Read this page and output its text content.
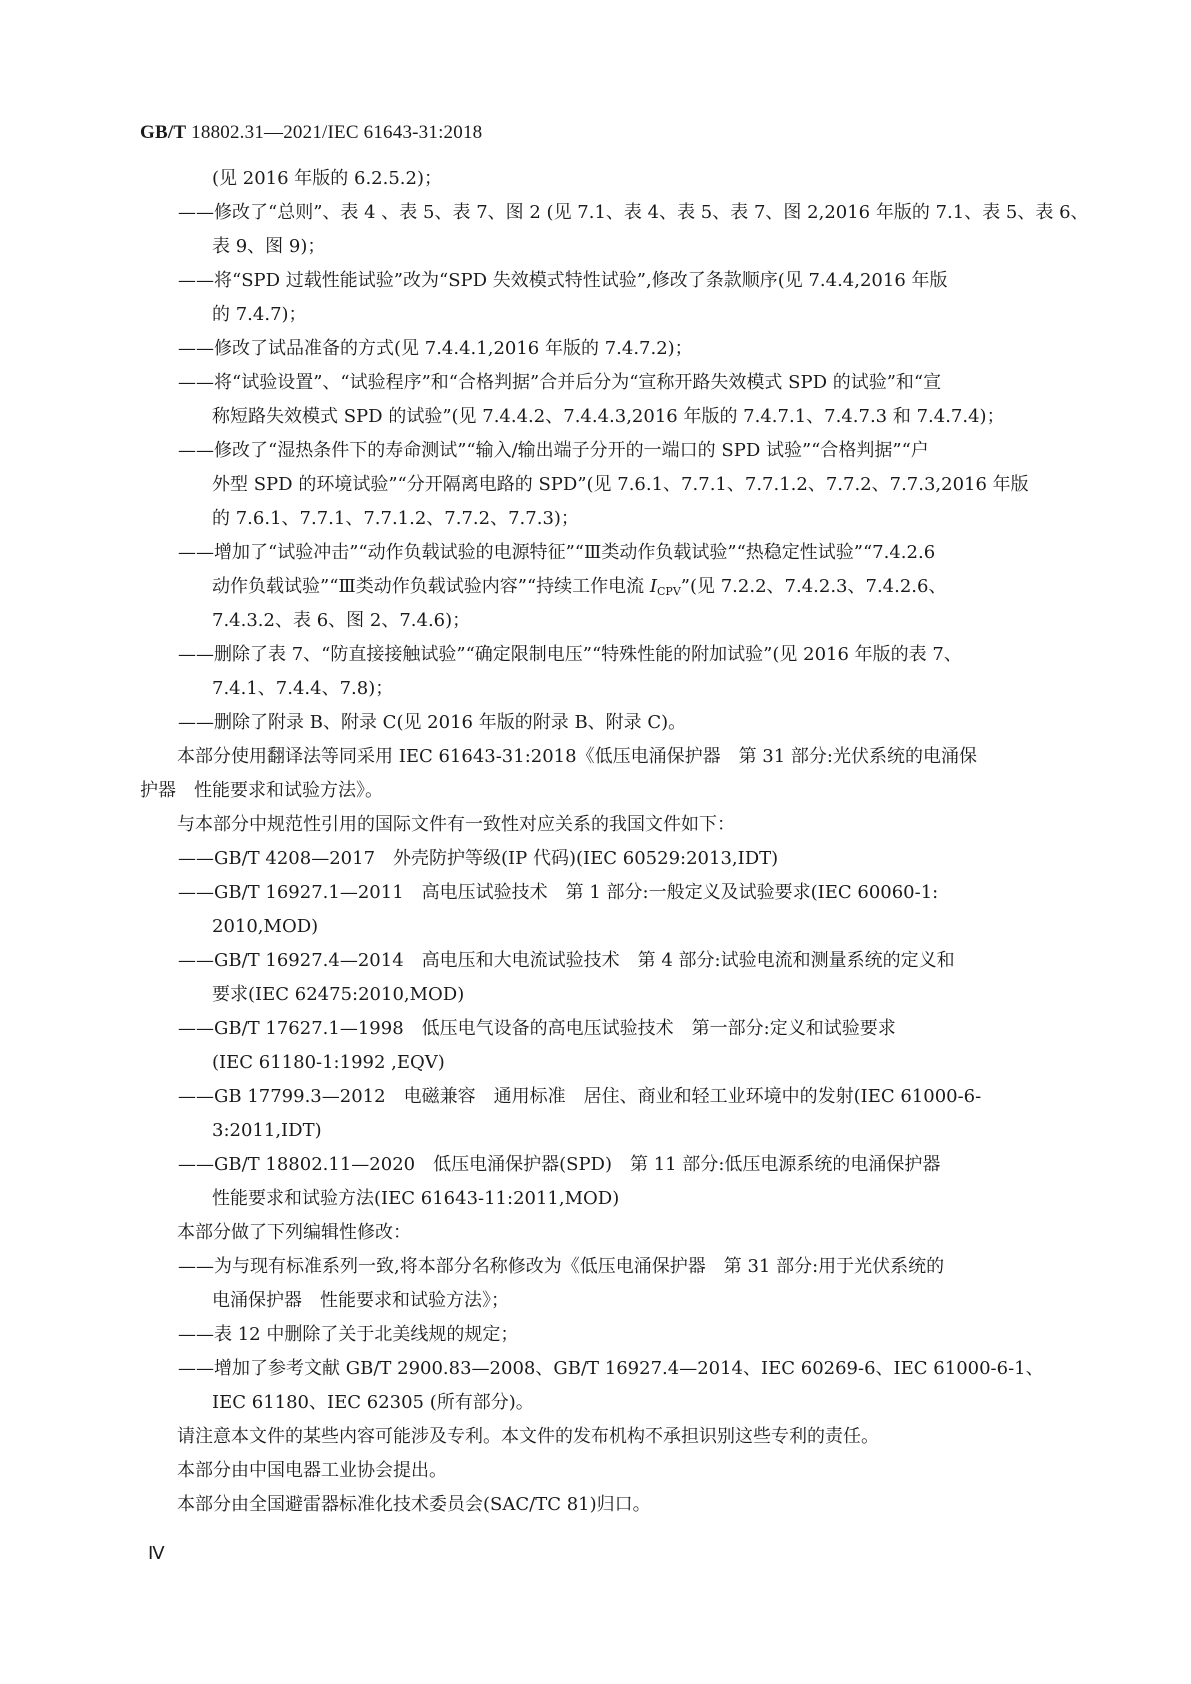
GB/T 18802.31—2021/IEC 61643-31:2018
(见 2016 年版的 6.2.5.2)；
——修改了“总则”、表 4 、表 5、表 7、图 2 (见 7.1、表 4、表 5、表 7、图 2,2016 年版的 7.1、表 5、表 6、
表 9、图 9)；
——将“SPD 过载性能试验”改为“SPD 失效模式特性试验”,修改了条款顺序(见 7.4.4,2016 年版
的 7.4.7)；
——修改了试品准备的方式(见 7.4.4.1,2016 年版的 7.4.7.2)；
——将“试验设置”、“试验程序”和“合格判据”合并后分为“宣称开路失效模式 SPD 的试验”和“宣
称短路失效模式 SPD 的试验”(见 7.4.4.2、7.4.4.3,2016 年版的 7.4.7.1、7.4.7.3 和 7.4.7.4)；
——修改了“湿热条件下的寿命测试”“输入/输出端子分开的一端口的 SPD 试验”“合格判据”“户
外型 SPD 的环境试验”“分开隔离电路的 SPD”(见 7.6.1、7.7.1、7.7.1.2、7.7.2、7.7.3,2016 年版
的 7.6.1、7.7.1、7.7.1.2、7.7.2、7.7.3)；
——增加了“试验冲击”“动作负载试验的电源特征”“Ⅲ类动作负载试验”“热稳定性试验”“7.4.2.6
动作负载试验”“Ⅲ类动作负载试验内容”“持续工作电流 $I_{CPV}$”(见 7.2.2、7.4.2.3、7.4.2.6、
7.4.3.2、表 6、图 2、7.4.6)；
——删除了表 7、“防直接接触试验”“确定限制电压”“特殊性能的附加试验”(见 2016 年版的表 7、
7.4.1、7.4.4、7.8)；
——删除了附录 B、附录 C(见 2016 年版的附录 B、附录 C)。
本部分使用翻译法等同采用 IEC 61643-31:2018《低压电涌保护器　第 31 部分:光伏系统的电涌保
护器　性能要求和试验方法》。
与本部分中规范性引用的国际文件有一致性对应关系的我国文件如下：
——GB/T 4208—2017　外壳防护等级(IP 代码)(IEC 60529:2013,IDT)
——GB/T 16927.1—2011　高电压试验技术　第 1 部分:一般定义及试验要求(IEC 60060-1:
2010,MOD)
——GB/T 16927.4—2014　高电压和大电流试验技术　第 4 部分:试验电流和测量系统的定义和
要求(IEC 62475:2010,MOD)
——GB/T 17627.1—1998　低压电气设备的高电压试验技术　第一部分:定义和试验要求
(IEC 61180-1:1992 ,EQV)
——GB 17799.3—2012　电磁兼容　通用标准　居住、商业和轻工业环境中的发射(IEC 61000-6-
3:2011,IDT)
——GB/T 18802.11—2020　低压电涌保护器(SPD)　第 11 部分:低压电源系统的电涌保护器
性能要求和试验方法(IEC 61643-11:2011,MOD)
本部分做了下列编辑性修改：
——为与现有标准系列一致,将本部分名称修改为《低压电涌保护器　第 31 部分:用于光伏系统的
电涌保护器　性能要求和试验方法》；
——表 12 中删除了关于北美线规的规定；
——增加了参考文献 GB/T 2900.83—2008、GB/T 16927.4—2014、IEC 60269-6、IEC 61000-6-1、
IEC 61180、IEC 62305 (所有部分)。
请注意本文件的某些内容可能涉及专利。本文件的发布机构不承担识别这些专利的责任。
本部分由中国电器工业协会提出。
本部分由全国避雷器标准化技术委员会(SAC/TC 81)归口。
Ⅳ
